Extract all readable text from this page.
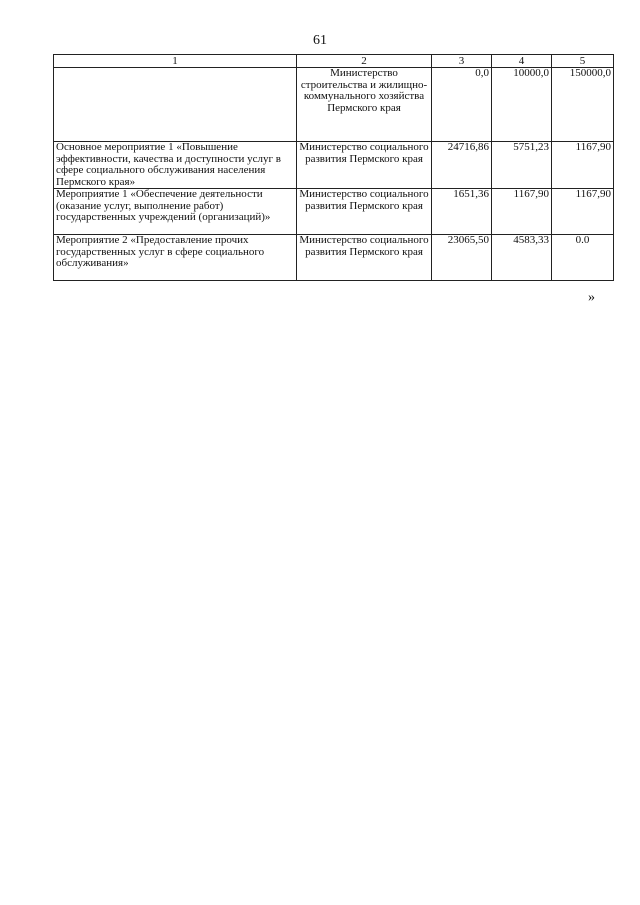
61
1	2	3	4	5
	Министерство строительства и жилищно-коммунального хозяйства Пермского края	0,0	10000,0	150000,0
Основное мероприятие 1 «Повышение эффективности, качества и доступности услуг в сфере социального обслуживания населения Пермского края»	Министерство социального развития Пермского края	24716,86	5751,23	1167,90
Мероприятие 1 «Обеспечение деятельности (оказание услуг, выполнение работ) государственных учреждений (организаций)»	Министерство социального развития Пермского края	1651,36	1167,90	1167,90
Мероприятие 2 «Предоставление прочих государственных услуг в сфере социального обслуживания»	Министерство социального развития Пермского края	23065,50	4583,33	0.0
»
